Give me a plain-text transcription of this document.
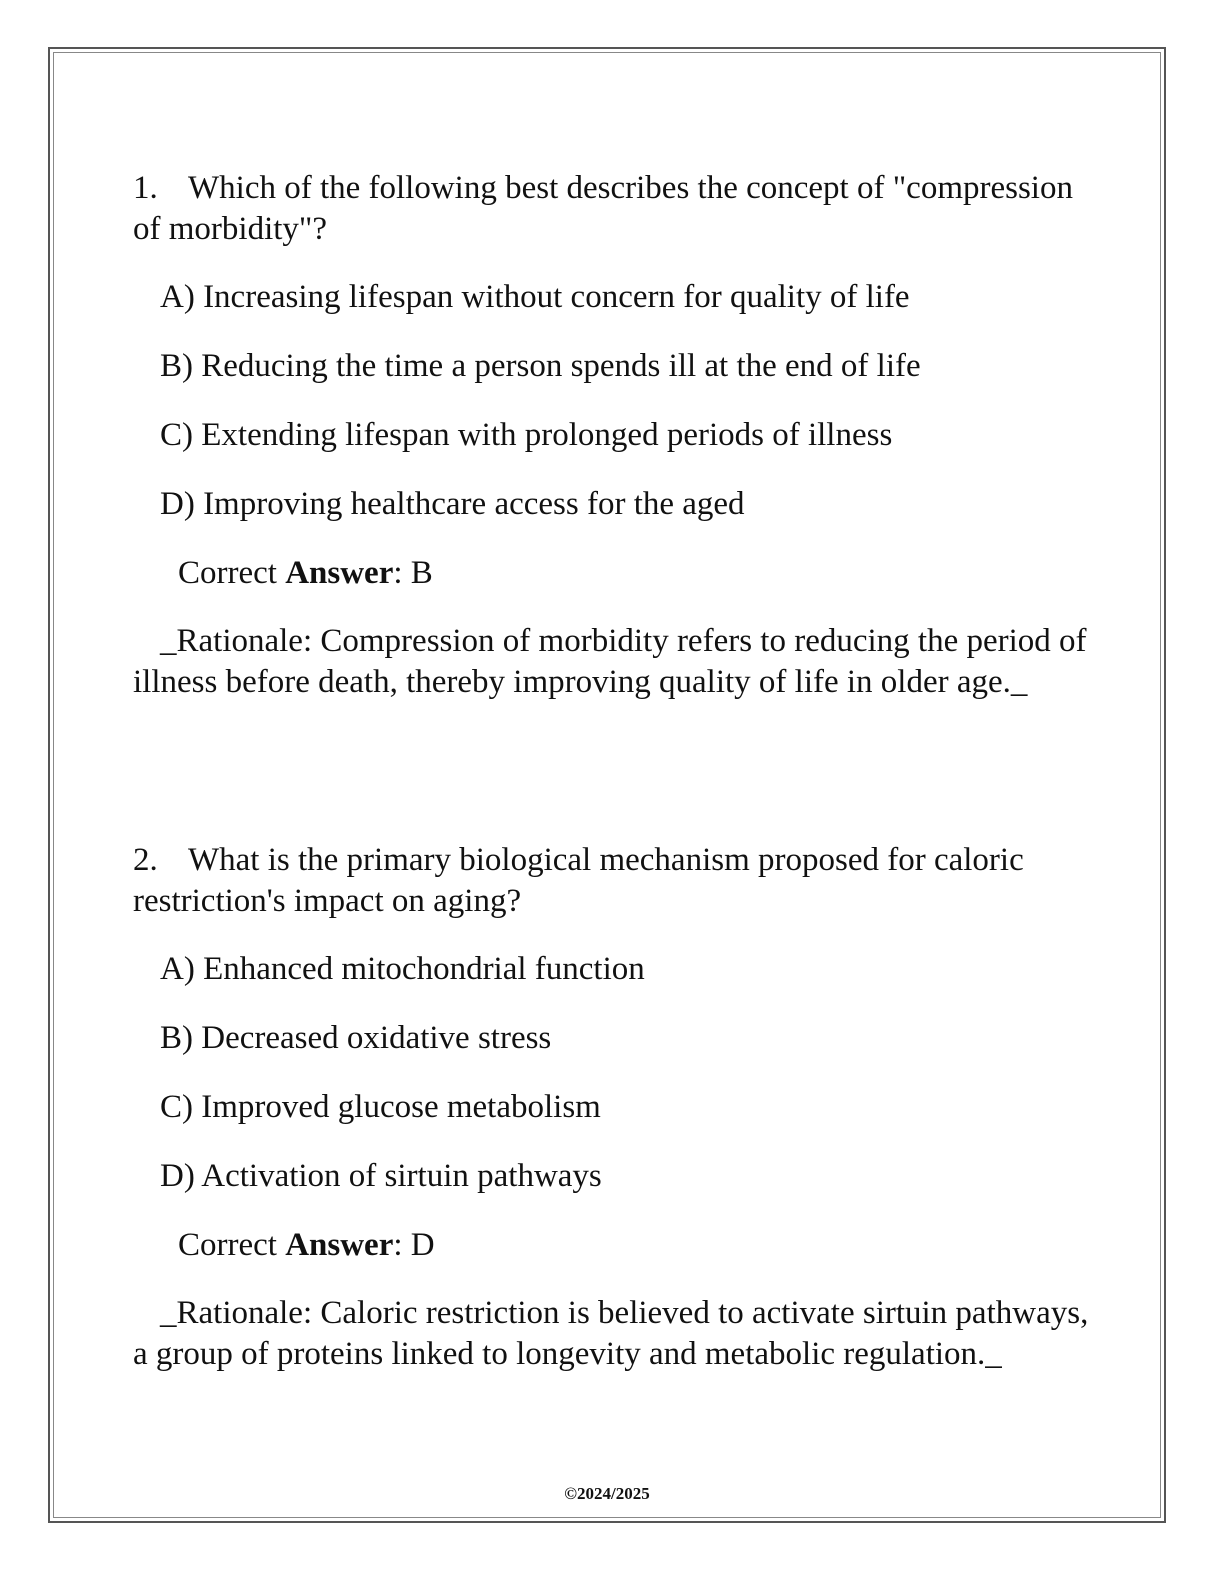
1. Which of the following best describes the concept of "compression of morbidity"?

A) Increasing lifespan without concern for quality of life

B) Reducing the time a person spends ill at the end of life

C) Extending lifespan with prolonged periods of illness

D) Improving healthcare access for the aged

Correct Answer: B

_Rationale: Compression of morbidity refers to reducing the period of illness before death, thereby improving quality of life in older age._

2. What is the primary biological mechanism proposed for caloric restriction's impact on aging?

A) Enhanced mitochondrial function

B) Decreased oxidative stress

C) Improved glucose metabolism

D) Activation of sirtuin pathways

Correct Answer: D

_Rationale: Caloric restriction is believed to activate sirtuin pathways, a group of proteins linked to longevity and metabolic regulation._

©2024/2025
